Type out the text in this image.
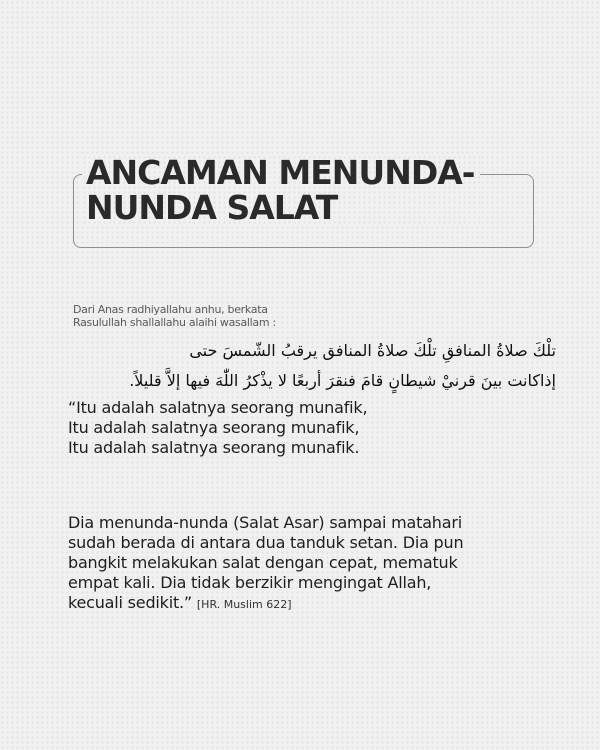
ANCAMAN MENUNDA-
NUNDA SALAT
Dari Anas radhiyallahu anhu, berkata
Rasulullah shallallahu alaihi wasallam :
تلْكَ صلاةُ المنافقِ تلْكَ صلاةُ المنافق يرقبُ الشّمسَ حتى
إذاكانت بينَ قرنيْ شيطانٍ قامَ فنقرَ أربعًا لا يذْكرُ اللّٰهَ فيها إلاَّ قليلاً.
“Itu adalah salatnya seorang munafik,
Itu adalah salatnya seorang munafik,
Itu adalah salatnya seorang munafik.
Dia menunda-nunda (Salat Asar) sampai matahari
sudah berada di antara dua tanduk setan. Dia pun
bangkit melakukan salat dengan cepat, mematuk
empat kali. Dia tidak berzikir mengingat Allah,
kecuali sedikit.” [HR. Muslim 622]
